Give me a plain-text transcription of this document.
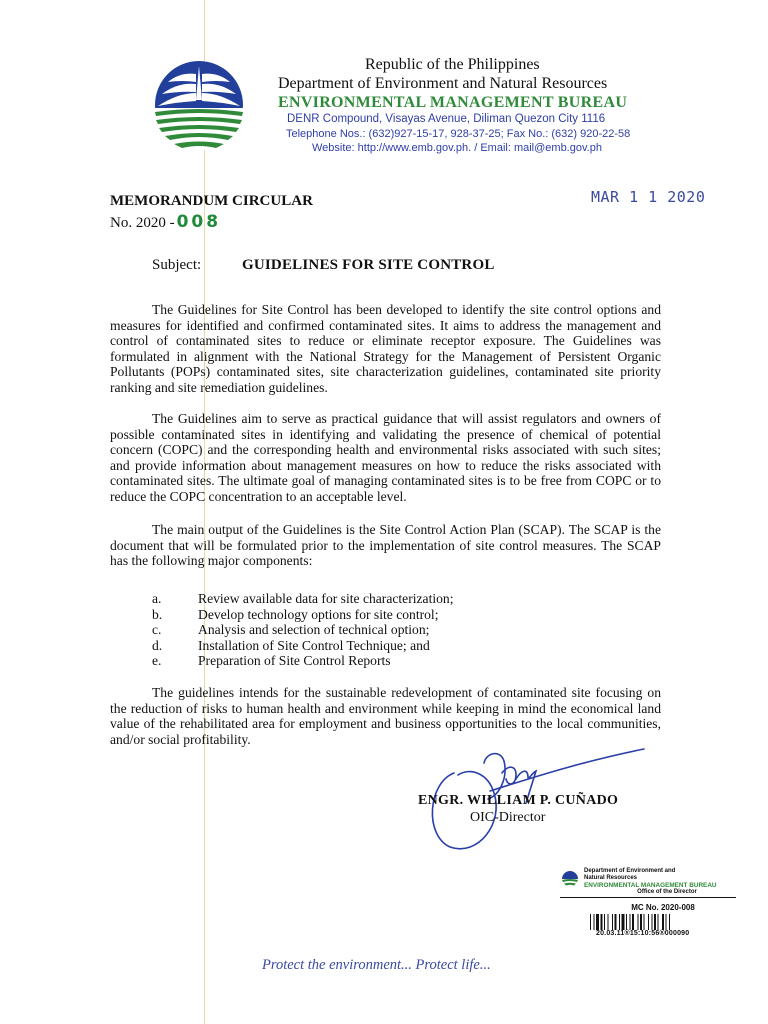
Republic of the Philippines
Department of Environment and Natural Resources
ENVIRONMENTAL MANAGEMENT BUREAU
DENR Compound, Visayas Avenue, Diliman Quezon City 1116
Telephone Nos.: (632)927-15-17, 928-37-25; Fax No.: (632) 920-22-58
Website: http://www.emb.gov.ph. / Email: mail@emb.gov.ph
MAR 1 1 2020
MEMORANDUM CIRCULAR
No. 2020 - 008
Subject:	GUIDELINES FOR SITE CONTROL

The Guidelines for Site Control has been developed to identify the site control options and measures for identified and confirmed contaminated sites. It aims to address the management and control of contaminated sites to reduce or eliminate receptor exposure. The Guidelines was formulated in alignment with the National Strategy for the Management of Persistent Organic Pollutants (POPs) contaminated sites, site characterization guidelines, contaminated site priority ranking and site remediation guidelines.

The Guidelines aim to serve as practical guidance that will assist regulators and owners of possible contaminated sites in identifying and validating the presence of chemical of potential concern (COPC) and the corresponding health and environmental risks associated with such sites; and provide information about management measures on how to reduce the risks associated with contaminated sites. The ultimate goal of managing contaminated sites is to be free from COPC or to reduce the COPC concentration to an acceptable level.

The main output of the Guidelines is the Site Control Action Plan (SCAP). The SCAP is the document that will be formulated prior to the implementation of site control measures. The SCAP has the following major components:

a.	Review available data for site characterization;
b.	Develop technology options for site control;
c.	Analysis and selection of technical option;
d.	Installation of Site Control Technique; and
e.	Preparation of Site Control Reports

The guidelines intends for the sustainable redevelopment of contaminated site focusing on the reduction of risks to human health and environment while keeping in mind the economical land value of the rehabilitated area for employment and business opportunities to the local communities, and/or social profitability.

ENGR. WILLIAM P. CUÑADO
OIC-Director
Department of Environment and
Natural Resources
ENVIRONMENTAL MANAGEMENT BUREAU
Office of the Director
MC No. 2020-008
20.03.11®15:10:56®000090
Protect the environment... Protect life...
